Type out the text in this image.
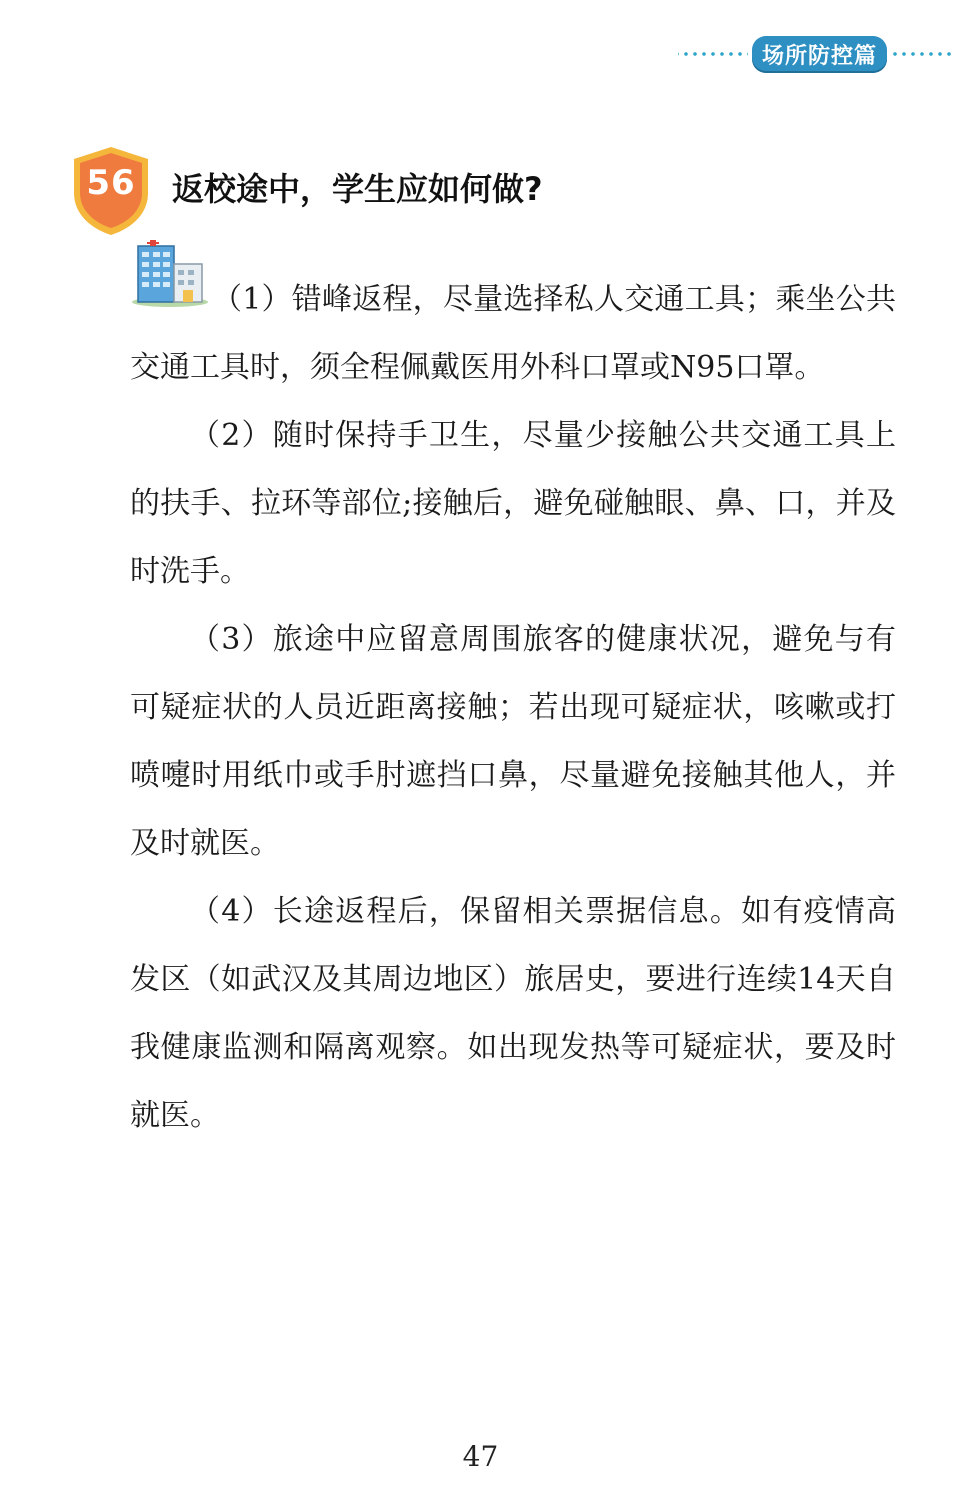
场所防控篇
56	返校途中，学生应如何做?

（1）错峰返程，尽量选择私人交通工具；乘坐公共交通工具时，须全程佩戴医用外科口罩或N95口罩。

（2）随时保持手卫生，尽量少接触公共交通工具上的扶手、拉环等部位;接触后，避免碰触眼、鼻、口，并及时洗手。

（3）旅途中应留意周围旅客的健康状况，避免与有可疑症状的人员近距离接触；若出现可疑症状，咳嗽或打喷嚏时用纸巾或手肘遮挡口鼻，尽量避免接触其他人，并及时就医。

（4）长途返程后，保留相关票据信息。如有疫情高发区（如武汉及其周边地区）旅居史，要进行连续14天自我健康监测和隔离观察。如出现发热等可疑症状，要及时就医。

47
